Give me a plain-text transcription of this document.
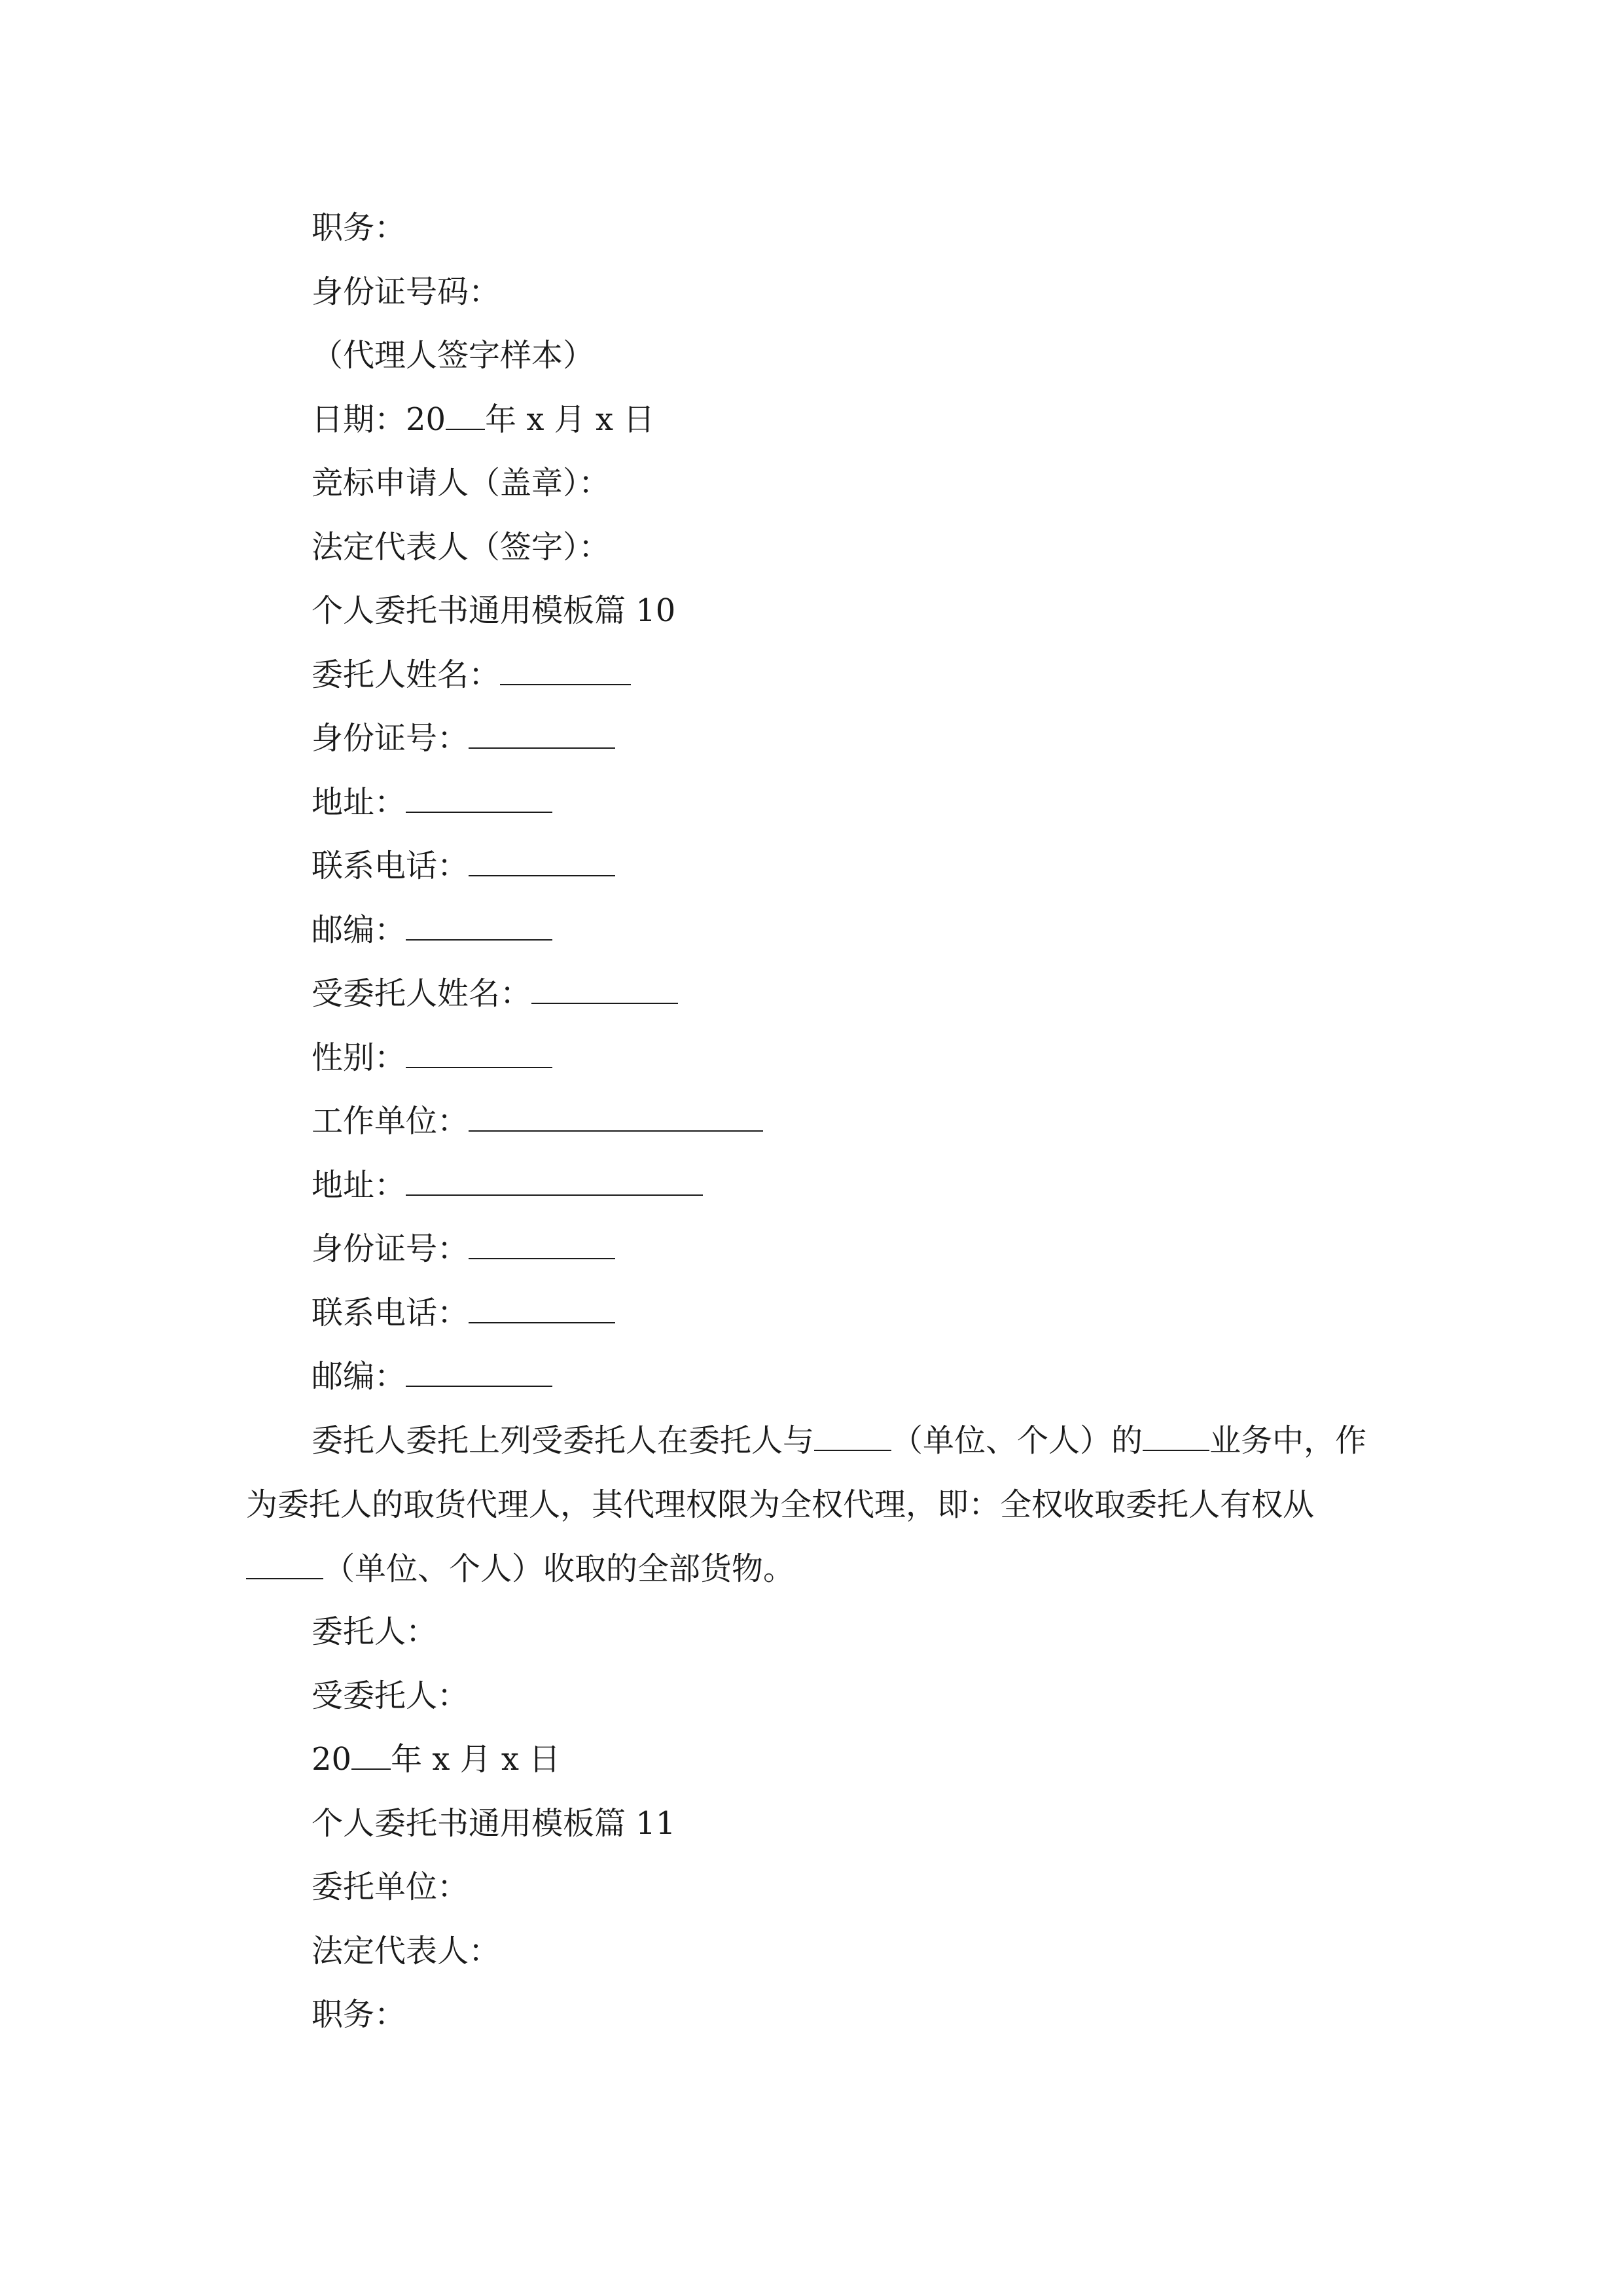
职务：
身份证号码：
（代理人签字样本）
日期：20 年 x 月 x 日
竞标申请人（盖章）：
法定代表人（签字）：
个人委托书通用模板篇 10
委托人姓名：
身份证号：
地址：
联系电话：
邮编：
受委托人姓名：
性别：
工作单位：
地址：
身份证号：
联系电话：
邮编：
委托人委托上列受委托人在委托人与 （单位、个人）的 业务中，作为委托人的取货代理人，其代理权限为全权代理，即：全权收取委托人有权从（单位、个人）收取的全部货物。
委托人：
受委托人：
20 年 x 月 x 日
个人委托书通用模板篇 11
委托单位：
法定代表人：
职务：
